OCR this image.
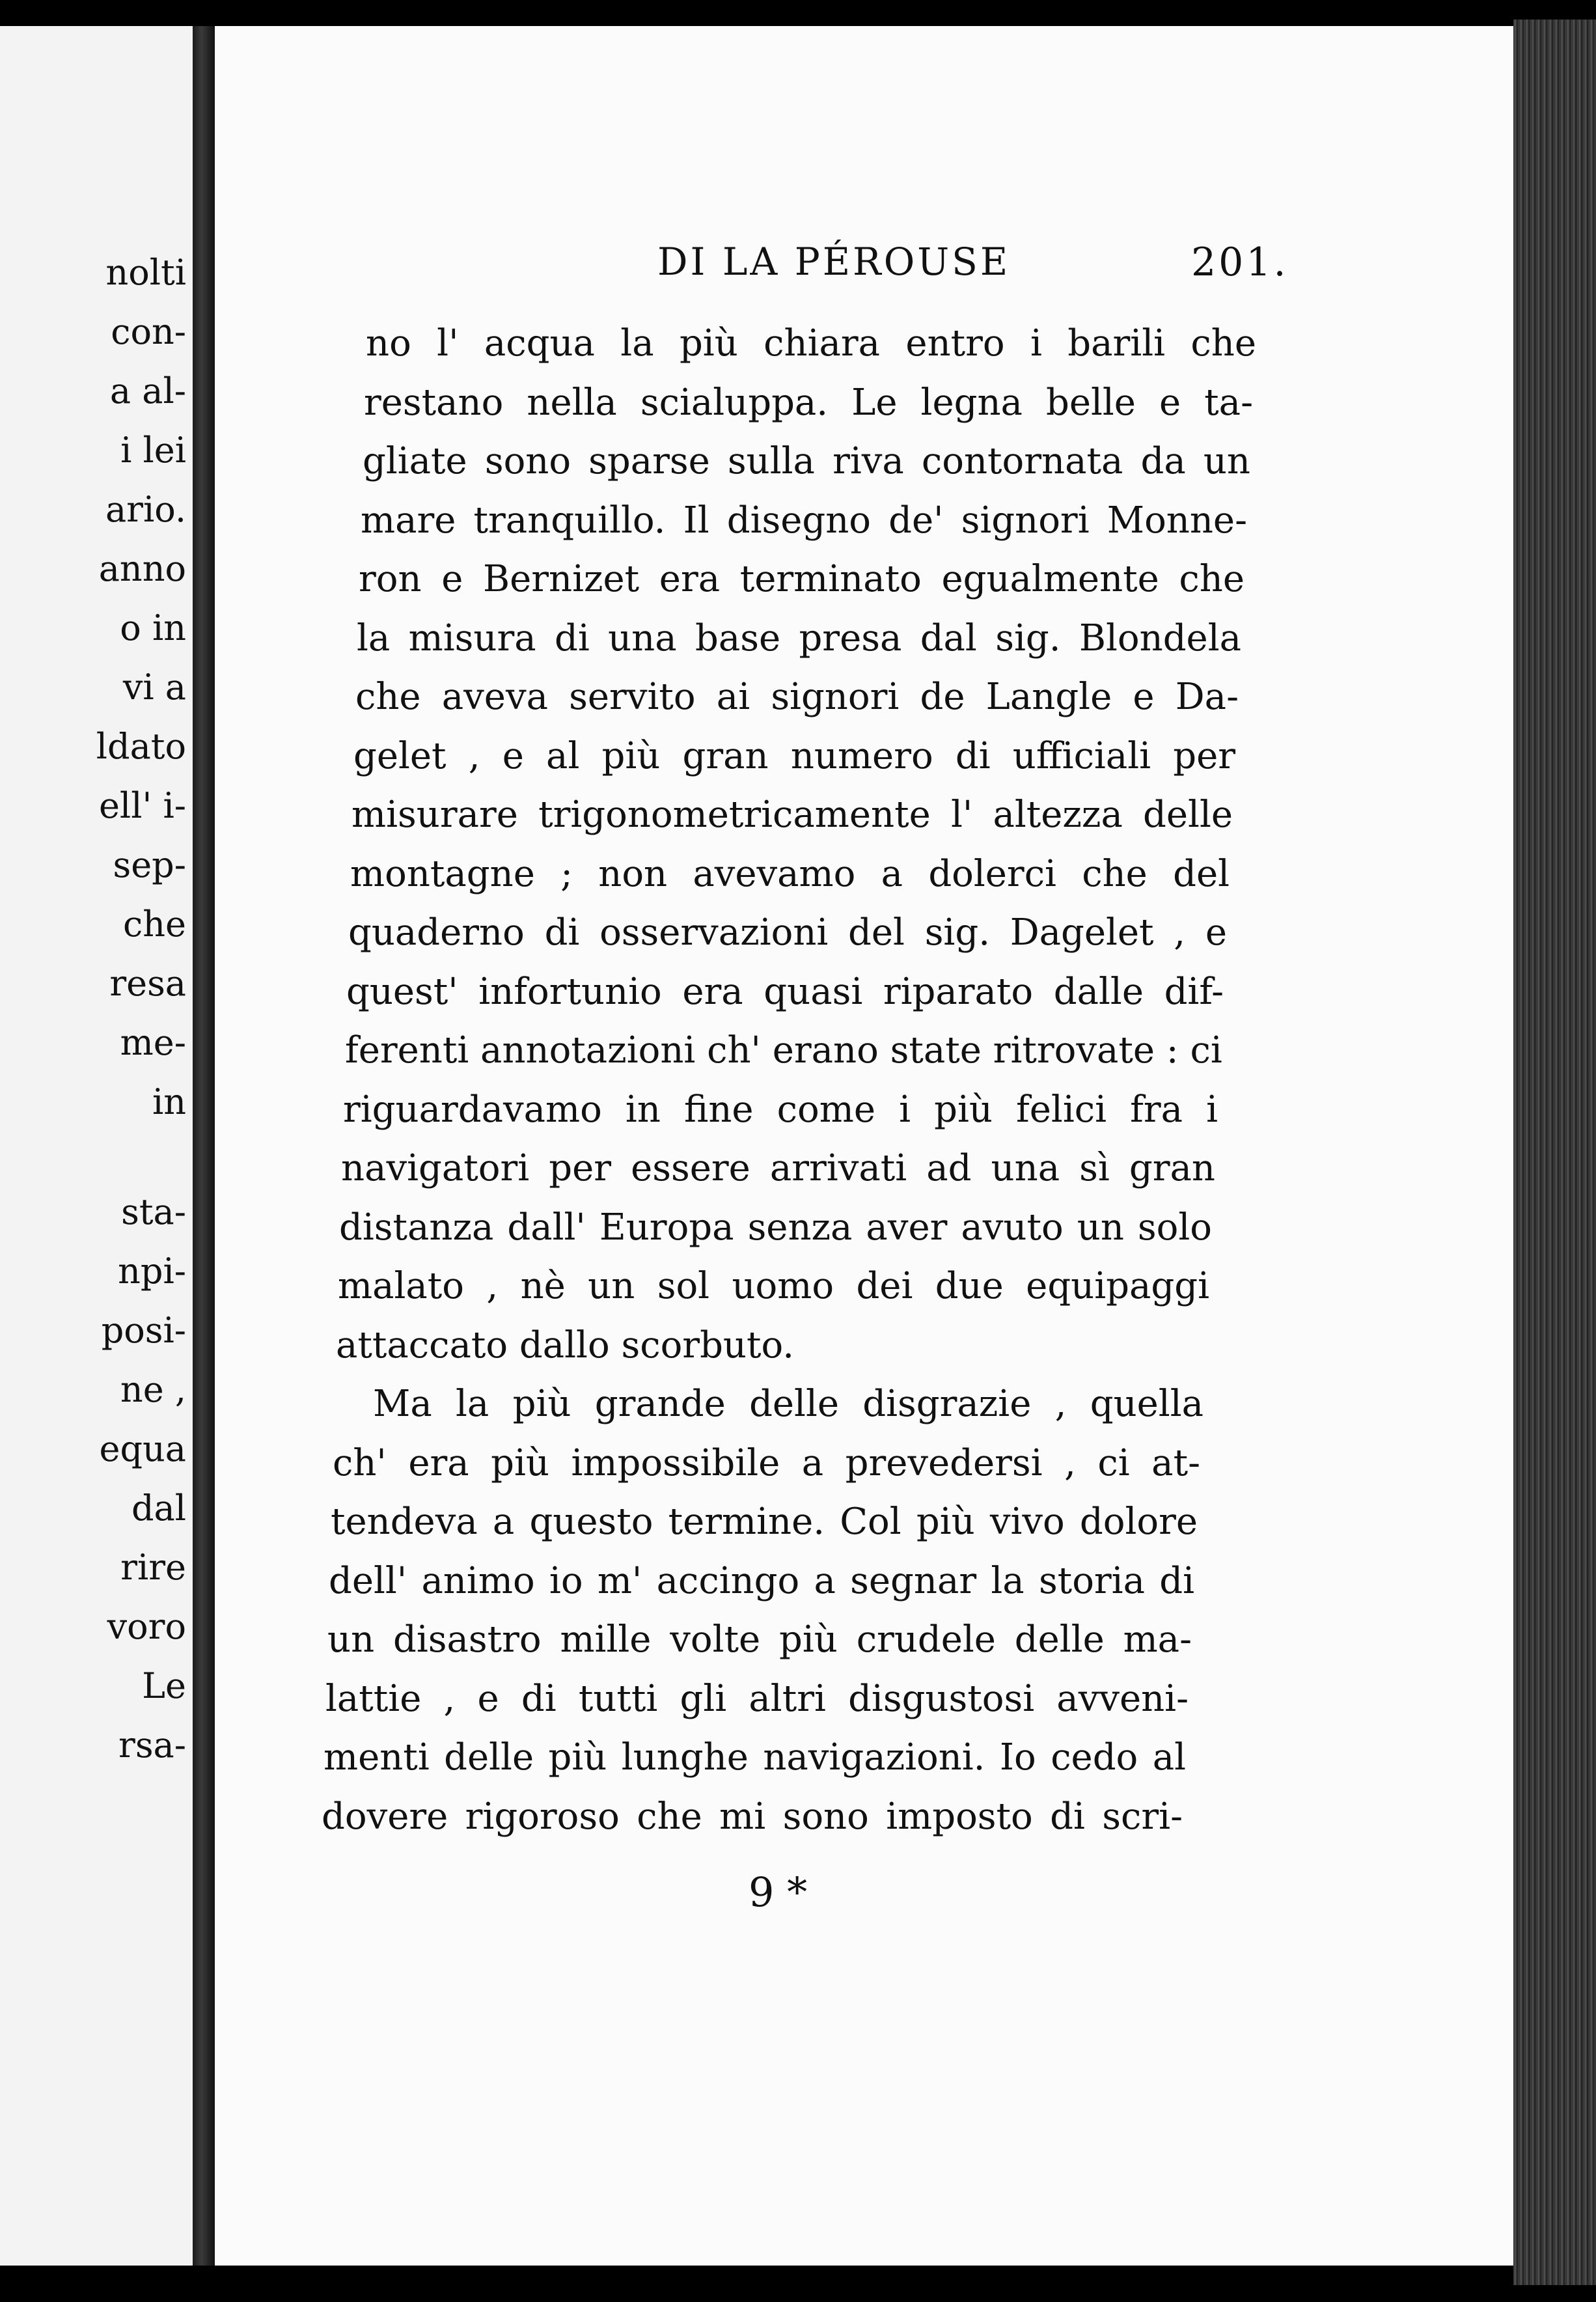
nolti
con-
a al-
i lei
ario.
anno
o in
vi a
ldato
ell' i-
sep-
che
resa
me-
in
sta-
npi-
posi-
ne ,
equa
dal
rire
voro
Le
rsa-
DI LA PÉROUSE	201.
9 *
no l' acqua la più chiara entro i barili che
restano nella scialuppa. Le legna belle e ta-
gliate sono sparse sulla riva contornata da un
mare tranquillo. Il disegno de' signori Monne-
ron e Bernizet era terminato egualmente che
la misura di una base presa dal sig. Blondela
che aveva servito ai signori de Langle e Da-
gelet , e al più gran numero di ufficiali per
misurare trigonometricamente l' altezza delle
montagne ; non avevamo a dolerci che del
quaderno di osservazioni del sig. Dagelet , e
quest' infortunio era quasi riparato dalle dif-
ferenti annotazioni ch' erano state ritrovate : ci
riguardavamo in fine come i più felici fra i
navigatori per essere arrivati ad una sì gran
distanza dall' Europa senza aver avuto un solo
malato , nè un sol uomo dei due equipaggi
attaccato dallo scorbuto.
Ma la più grande delle disgrazie , quella
ch' era più impossibile a prevedersi , ci at-
tendeva a questo termine. Col più vivo dolore
dell' animo io m' accingo a segnar la storia di
un disastro mille volte più crudele delle ma-
lattie , e di tutti gli altri disgustosi avveni-
menti delle più lunghe navigazioni. Io cedo al
dovere rigoroso che mi sono imposto di scri-
